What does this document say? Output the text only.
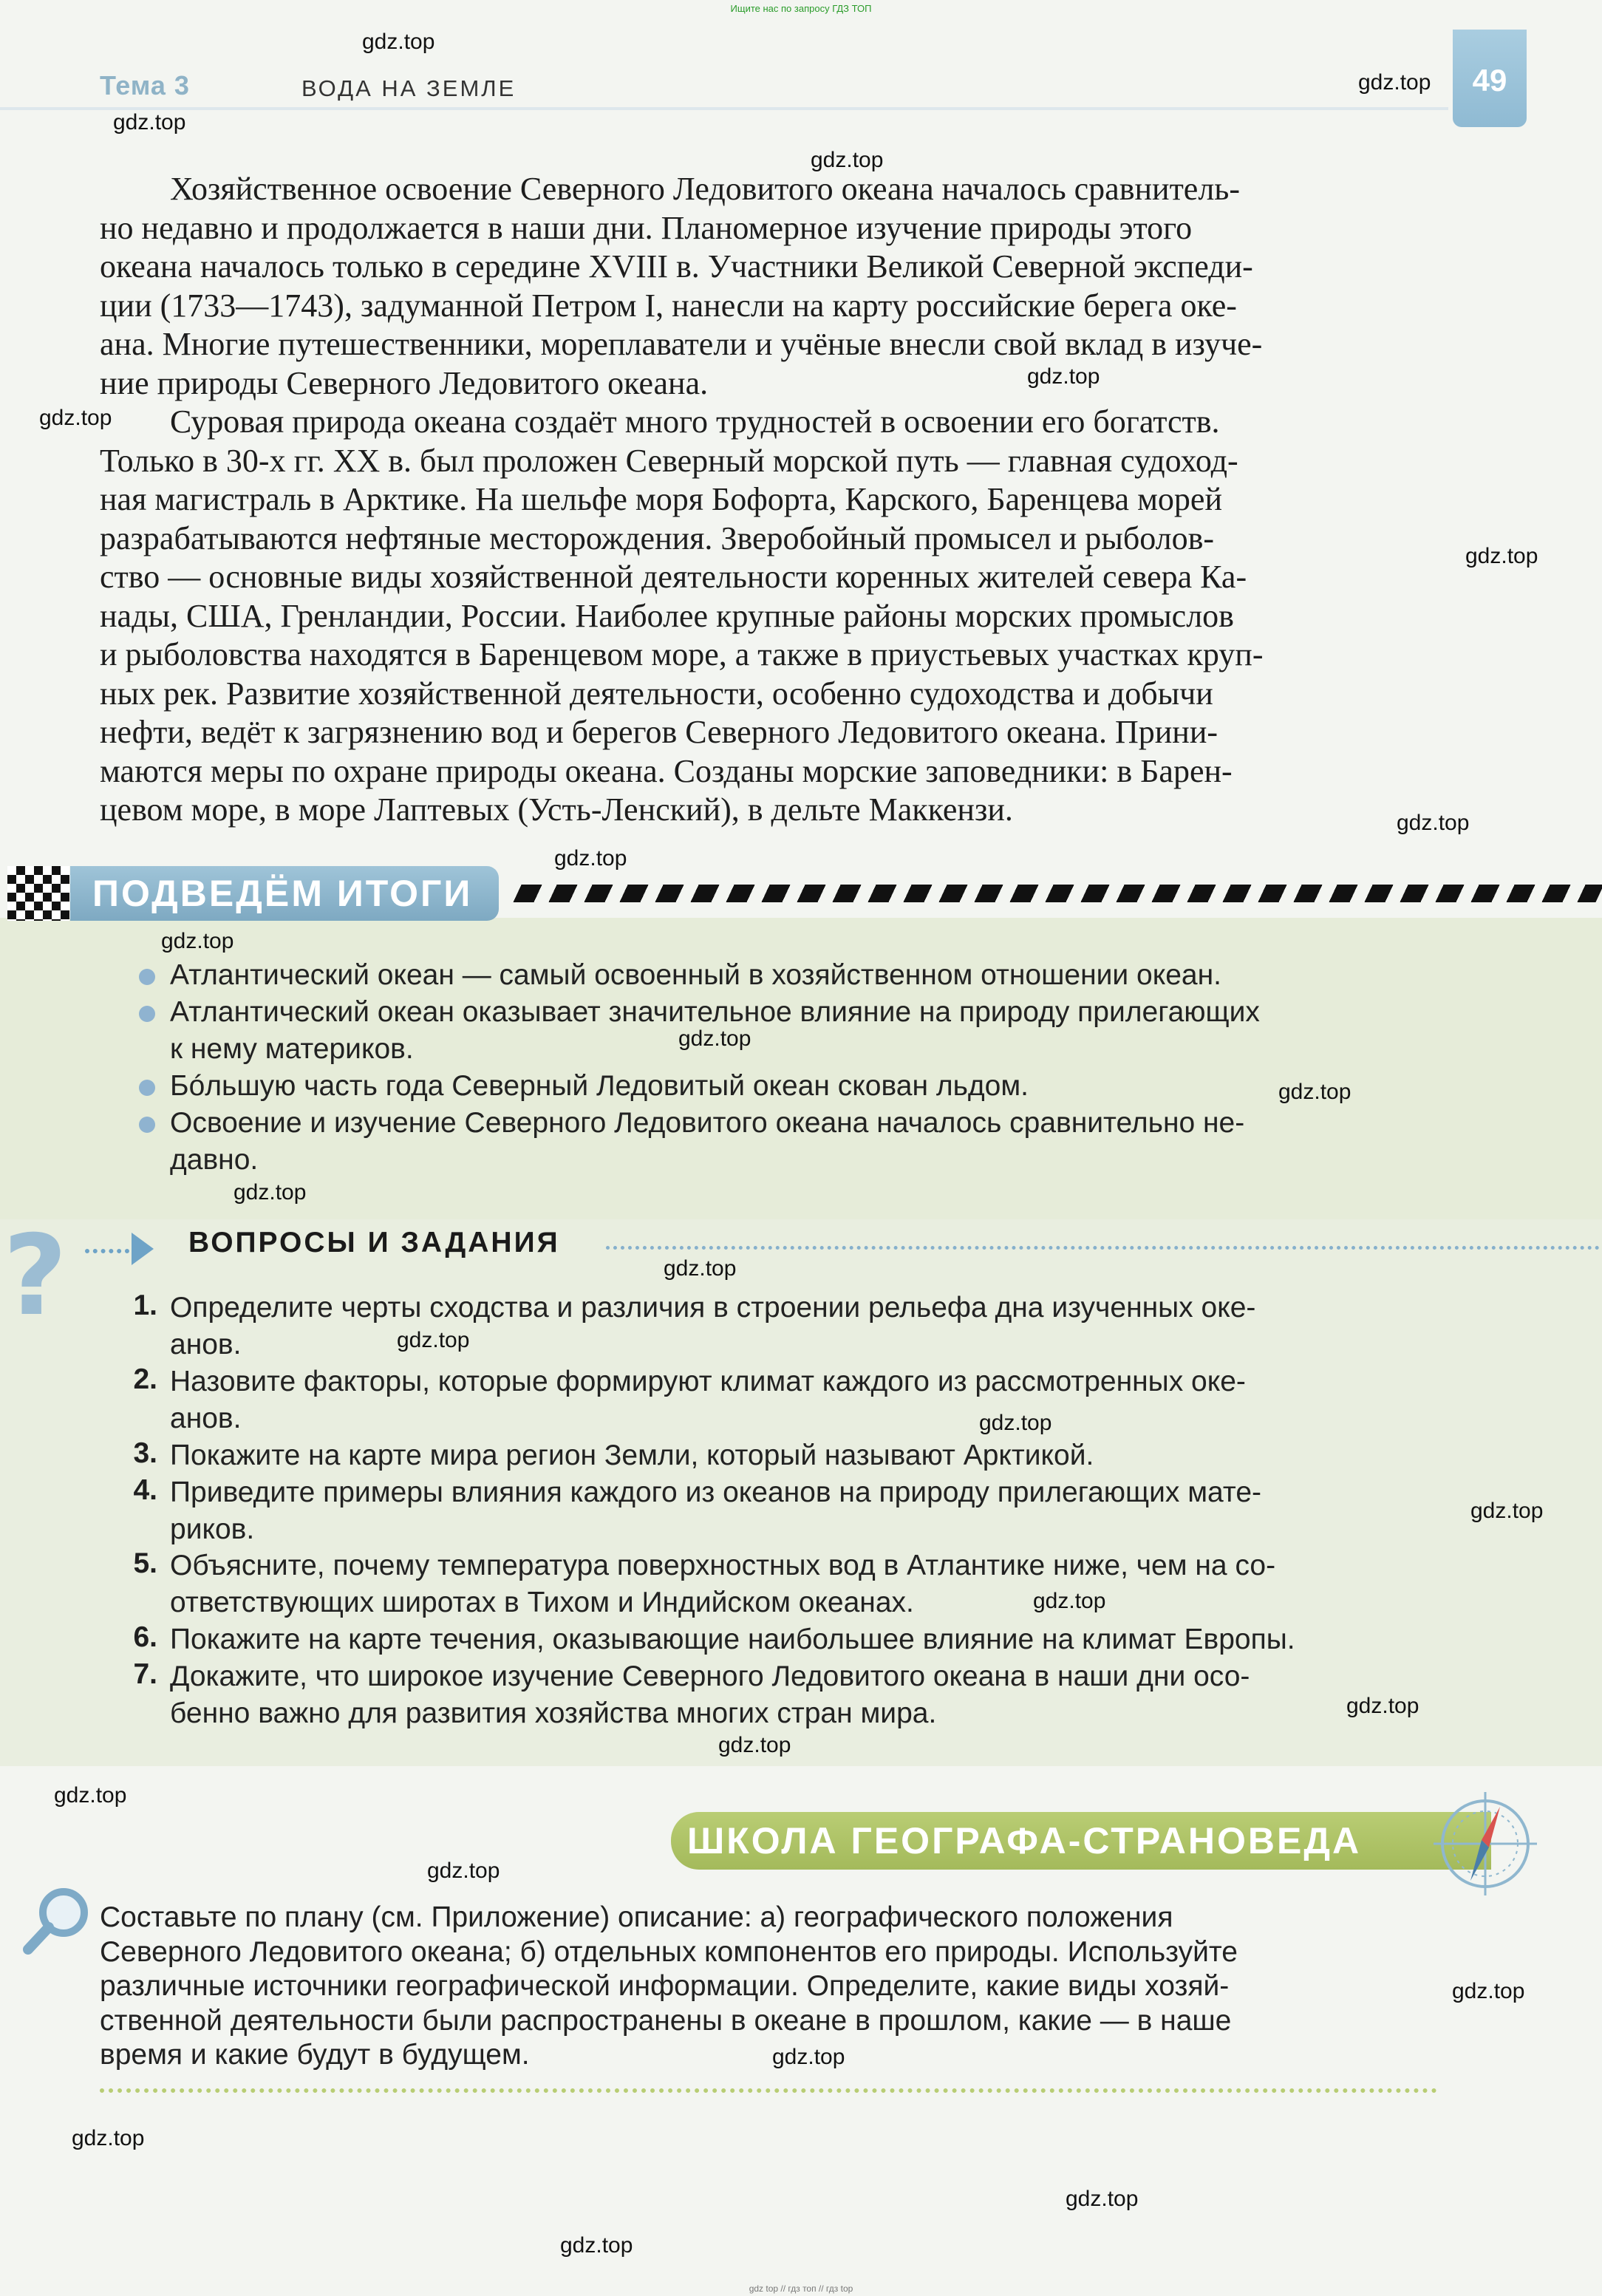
Ищите нас по запросу ГДЗ ТОП
Тема 3	ВОДА НА ЗЕМЛЕ	49
Хозяйственное освоение Северного Ледовитого океана началось сравнитель-
но недавно и продолжается в наши дни. Планомерное изучение природы этого
океана началось только в середине XVIII в. Участники Великой Северной экспеди-
ции (1733—1743), задуманной Петром I, нанесли на карту российские берега оке-
ана. Многие путешественники, мореплаватели и учёные внесли свой вклад в изуче-
ние природы Северного Ледовитого океана.
Суровая природа океана создаёт много трудностей в освоении его богатств.
Только в 30-х гг. XX в. был проложен Северный морской путь — главная судоход-
ная магистраль в Арктике. На шельфе моря Бофорта, Карского, Баренцева морей
разрабатываются нефтяные месторождения. Зверобойный промысел и рыболов-
ство — основные виды хозяйственной деятельности коренных жителей севера Ка-
нады, США, Гренландии, России. Наиболее крупные районы морских промыслов
и рыболовства находятся в Баренцевом море, а также в приустьевых участках круп-
ных рек. Развитие хозяйственной деятельности, особенно судоходства и добычи
нефти, ведёт к загрязнению вод и берегов Северного Ледовитого океана. Прини-
маются меры по охране природы океана. Созданы морские заповедники: в Барен-
цевом море, в море Лаптевых (Усть-Ленский), в дельте Маккензи.
ПОДВЕДЁМ ИТОГИ
Атлантический океан — самый освоенный в хозяйственном отношении океан.
Атлантический океан оказывает значительное влияние на природу прилегающих
к нему материков.
Бóльшую часть года Северный Ледовитый океан скован льдом.
Освоение и изучение Северного Ледовитого океана началось сравнительно не-
давно.
?	ВОПРОСЫ И ЗАДАНИЯ
1. Определите черты сходства и различия в строении рельефа дна изученных оке-
анов.
2. Назовите факторы, которые формируют климат каждого из рассмотренных оке-
анов.
3. Покажите на карте мира регион Земли, который называют Арктикой.
4. Приведите примеры влияния каждого из океанов на природу прилегающих мате-
риков.
5. Объясните, почему температура поверхностных вод в Атлантике ниже, чем на со-
ответствующих широтах в Тихом и Индийском океанах.
6. Покажите на карте течения, оказывающие наибольшее влияние на климат Европы.
7. Докажите, что широкое изучение Северного Ледовитого океана в наши дни осо-
бенно важно для развития хозяйства многих стран мира.
ШКОЛА ГЕОГРАФА-СТРАНОВЕДА
Составьте по плану (см. Приложение) описание: а) географического положения
Северного Ледовитого океана; б) отдельных компонентов его природы. Используйте
различные источники географической информации. Определите, какие виды хозяй-
ственной деятельности были распространены в океане в прошлом, какие — в наше
время и какие будут в будущем.
gdz.top
gdz.top
gdz.top
gdz.top
gdz.top
gdz.top
gdz.top
gdz.top
gdz.top
gdz.top
gdz.top
gdz.top
gdz.top
gdz.top
gdz.top
gdz.top
gdz.top
gdz.top
gdz.top
gdz.top
gdz.top
gdz.top
gdz.top
gdz.top
gdz.top
gdz.top
gdz.top
gdz top // гдз топ // гдз top
